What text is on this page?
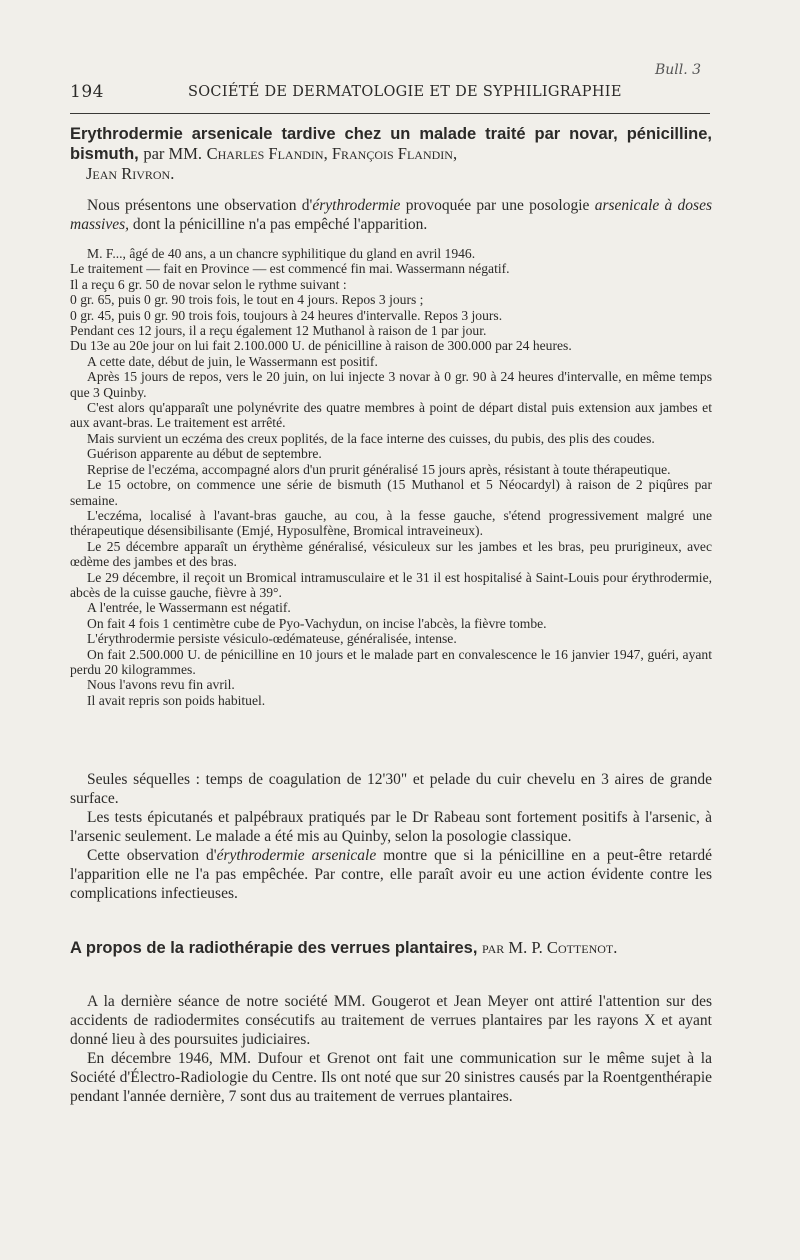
Bull. 3
194	SOCIÉTÉ DE DERMATOLOGIE ET DE SYPHILIGRAPHIE

Erythrodermie arsenicale tardive chez un malade traité par novar, pénicilline, bismuth, par MM. Charles Flandin, François Flandin,

Jean Rivron.

Nous présentons une observation d'érythrodermie provoquée par une posologie arsenicale à doses massives, dont la pénicilline n'a pas empêché l'apparition.

M. F..., âgé de 40 ans, a un chancre syphilitique du gland en avril 1946.

Le traitement — fait en Province — est commencé fin mai. Wassermann négatif.

Il a reçu 6 gr. 50 de novar selon le rythme suivant :

0 gr. 65, puis 0 gr. 90 trois fois, le tout en 4 jours. Repos 3 jours ;

0 gr. 45, puis 0 gr. 90 trois fois, toujours à 24 heures d'intervalle. Repos 3 jours.

Pendant ces 12 jours, il a reçu également 12 Muthanol à raison de 1 par jour.

Du 13e au 20e jour on lui fait 2.100.000 U. de pénicilline à raison de 300.000 par 24 heures.

A cette date, début de juin, le Wassermann est positif.

Après 15 jours de repos, vers le 20 juin, on lui injecte 3 novar à 0 gr. 90 à 24 heures d'intervalle, en même temps que 3 Quinby.

C'est alors qu'apparaît une polynévrite des quatre membres à point de départ distal puis extension aux jambes et aux avant-bras. Le traitement est arrêté.

Mais survient un eczéma des creux poplités, de la face interne des cuisses, du pubis, des plis des coudes.

Guérison apparente au début de septembre.

Reprise de l'eczéma, accompagné alors d'un prurit généralisé 15 jours après, résistant à toute thérapeutique.

Le 15 octobre, on commence une série de bismuth (15 Muthanol et 5 Néocardyl) à raison de 2 piqûres par semaine.

L'eczéma, localisé à l'avant-bras gauche, au cou, à la fesse gauche, s'étend progressivement malgré une thérapeutique désensibilisante (Emjé, Hyposulfène, Bromical intraveineux).

Le 25 décembre apparaît un érythème généralisé, vésiculeux sur les jambes et les bras, peu prurigineux, avec œdème des jambes et des bras.

Le 29 décembre, il reçoit un Bromical intramusculaire et le 31 il est hospitalisé à Saint-Louis pour érythrodermie, abcès de la cuisse gauche, fièvre à 39°.

A l'entrée, le Wassermann est négatif.

On fait 4 fois 1 centimètre cube de Pyo-Vachydun, on incise l'abcès, la fièvre tombe.

L'érythrodermie persiste vésiculo-œdémateuse, généralisée, intense.

On fait 2.500.000 U. de pénicilline en 10 jours et le malade part en convalescence le 16 janvier 1947, guéri, ayant perdu 20 kilogrammes.

Nous l'avons revu fin avril.

Il avait repris son poids habituel.

Seules séquelles : temps de coagulation de 12'30" et pelade du cuir chevelu en 3 aires de grande surface.

Les tests épicutanés et palpébraux pratiqués par le Dr Rabeau sont fortement positifs à l'arsenic, à l'arsenic seulement. Le malade a été mis au Quinby, selon la posologie classique.

Cette observation d'érythrodermie arsenicale montre que si la pénicilline en a peut-être retardé l'apparition elle ne l'a pas empêchée. Par contre, elle paraît avoir eu une action évidente contre les complications infectieuses.

A propos de la radiothérapie des verrues plantaires, par M. P. Cottenot.

A la dernière séance de notre société MM. Gougerot et Jean Meyer ont attiré l'attention sur des accidents de radiodermites consécutifs au traitement de verrues plantaires par les rayons X et ayant donné lieu à des poursuites judiciaires.

En décembre 1946, MM. Dufour et Grenot ont fait une communication sur le même sujet à la Société d'Électro-Radiologie du Centre. Ils ont noté que sur 20 sinistres causés par la Roentgenthérapie pendant l'année dernière, 7 sont dus au traitement de verrues plantaires.
